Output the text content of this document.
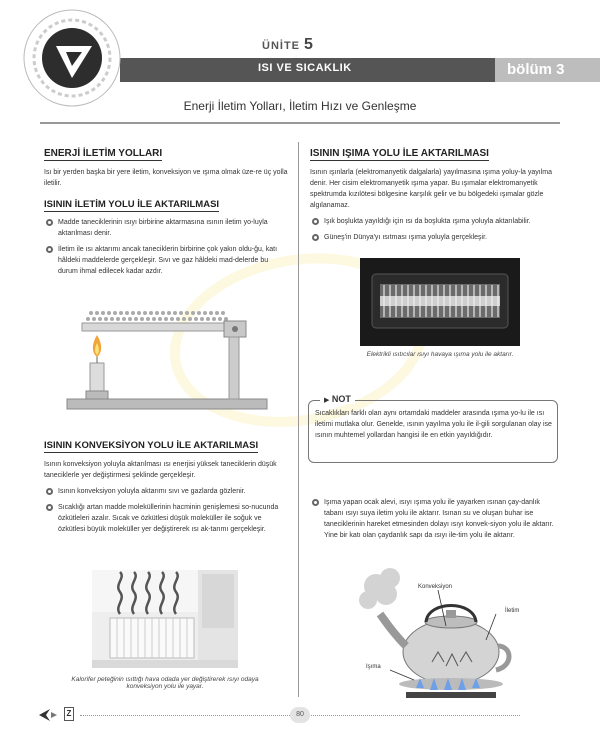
bölüm 3
ÜNİTE 5
ISI VE SICAKLIK
Enerji İletim Yolları, İletim Hızı ve Genleşme
ENERJİ İLETİM YOLLARI
Isı bir yerden başka bir yere iletim, konveksiyon ve ışıma olmak üze-re üç yolla iletilir.
ISININ İLETİM YOLU İLE AKTARILMASI
Madde taneciklerinin ısıyı birbirine aktarmasına ısının iletim yo-luyla aktarılması denir.
İletim ile ısı aktarımı ancak taneciklerin birbirine çok yakın oldu-ğu, katı hâldeki maddelerde gerçekleşir. Sıvı ve gaz hâldeki mad-delerde bu durum ihmal edilecek kadar azdır.
ISININ KONVEKSİYON YOLU İLE AKTARILMASI
Isının konveksiyon yoluyla aktarılması ısı enerjisi yüksek taneciklerin düşük taneciklerle yer değiştirmesi şeklinde gerçekleşir.
Isının konveksiyon yoluyla aktarımı sıvı ve gazlarda gözlenir.
Sıcaklığı artan madde moleküllerinin hacminin genişlemesi so-nucunda özkütleleri azalır. Sıcak ve özkütlesi düşük moleküller ile soğuk ve özkütlesi büyük moleküller yer değiştirerek ısı ak-tarımı gerçekleşir.
Kalorifer peteğinin ısıttığı hava odada yer değiştirerek ısıyı odaya konveksiyon yolu ile yayar.
ISININ IŞIMA YOLU İLE AKTARILMASI
Isının ışınlarla (elektromanyetik dalgalarla) yayılmasına ışıma yoluy-la yayılma denir. Her cisim elektromanyetik ışıma yapar. Bu ışımalar elektromanyetik spektrumda kızılötesi bölgesine karşılık gelir ve bu bölgedeki ışımalar gözle algılanamaz.
Işık boşlukta yayıldığı için ısı da boşlukta ışıma yoluyla aktarılabilir.
Güneş'in Dünya'yı ısıtması ışıma yoluyla gerçekleşir.
Elektrikli ısıtıcılar ısıyı havaya ışıma yolu ile aktarır.
▶ NOT
Sıcaklıkları farklı olan aynı ortamdaki maddeler arasında ışıma yo-lu ile ısı iletimi mutlaka olur. Genelde, ısının yayılma yolu ile il-gili sorgulanan olay ise ısının muhtemel yollardan hangisi ile en etkin yayıldığıdır.
Işıma yapan ocak alevi, ısıyı ışıma yolu ile yayarken ısınan çay-danlık tabanı ısıyı suya iletim yolu ile aktarır. Isınan su ve oluşan buhar ise taneciklerinin hareket etmesinden dolayı ısıyı konvek-siyon yolu ile aktarır. Yine bir katı olan çaydanlık sapı da ısıyı ile-tim yolu ile aktarır.
Konveksiyon
İletim
Işıma
Z	80
